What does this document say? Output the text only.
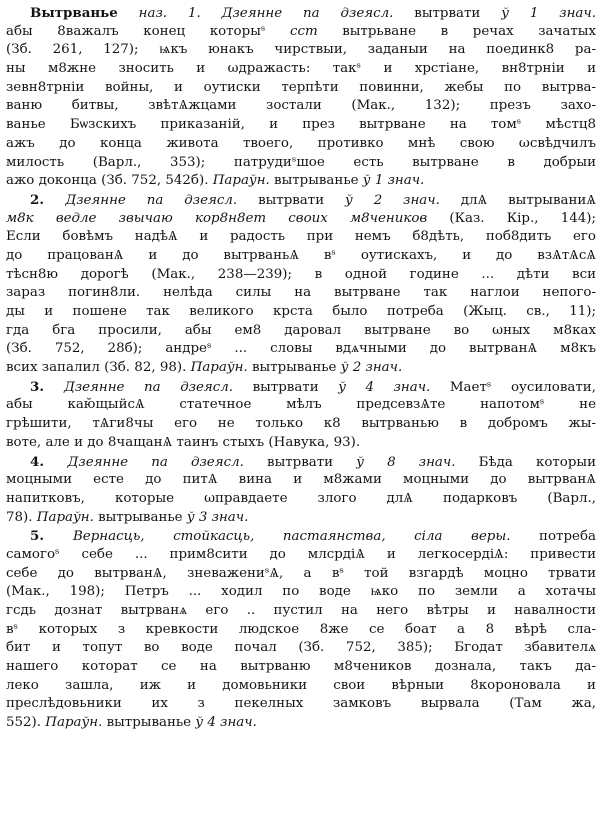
Вытрванье наз. 1. Дзеянне па дзеясл. вытрвати ў 1 знач.
абы 8важалъ конец которыˢ сст вытрьване в речах зачатых
(Зб. 261, 127); ѩкъ юнакъ чирствыи, заданыи на поединк8 ра-
ны м8жне зносить и ωдражасть: такˢ и хрстіане, вн8трніи и
зевн8трніи войны, и оутиски терпѣти повинни, жебы по вытрва-
ваню битвы, звѣтѦжцами зостали (Мак., 132); презъ захо-
ванье Бѡзскихъ приказаній, и през вытрване на томˢ мѣстц8
ажъ до конца живота твоего, противко мнѣ свою ωсвѣдчилъ
милость (Варл., 353); патрудиˢшое есть вытрване в добрыи
ажо доконца (Зб. 752, 542б). Параўн. вытрыванье ў 1 знач.
2. Дзеянне па дзеясл. вытрвати ў 2 знач. длѦ вытрываниѦ
м8к ведле звычаю кор8н8ет своих м8чеников (Каз. Кір., 144);
Если бовѣмъ надѣѦ и радость при немъ б8дѣть, поб8дить его
до працованѦ и до вытрваньѦ вˢ оутискахъ, и до взѦтѦсѦ
тѣсн8ю дорогѣ (Мак., 238—239); в одной године ... дѣти вси
зараз погин8ли. нелѣда силы на вытрване так наглои непого-
ды и пошене так великого крста было потреба (Жыц. св., 11);
гда бга просили, абы ем8 даровал вытрване во ωных м8ках
(Зб. 752, 28б); андреˢ ... словы вдѧчными до вытрванѦ м8къ
всих запалил (Зб. 82, 98). Параўн. вытрываньe ў 2 знач.
3. Дзеянне па дзеясл. вытрвати ў 4 знач. Маетˢ оусиловати,
абы каю̆щыйсѦ статечное мѣлъ предсевзѦте напотомˢ не
грѣшити, тѦги8чы его не только к8 вытрванью в добромъ жы-
воте, але и до 8чащанѦ таинъ стыхъ (Навука, 93).
4. Дзеянне па дзеясл. вытрвати ў 8 знач. Бѣда которыи
моцными естe до питѦ вина и м8жами моцными до вытрванѦ
напитковъ, которые ωправдаете злого длѦ подарковъ (Варл.,
78). Параўн. вытрыванье ў 3 знач.
5. Вернасць, стойкасць, пастаянства, сіла веры. потреба
самогоˢ себе ... прим8сити до млсрдіѦ и легкосердіѦ: привести
себе до вытрванѦ, зневажениˢѦ, а вˢ той взгардѣ моцно трвати
(Мак., 198); Петръ ... ходил по воде ѩко по земли а хотачы
гсдь дознат вытрванѧ его .. пустил на него вѣтры и навалности
вˢ которых з кревкости людское 8же се боат а 8 вѣрѣ сла-
бит и топут во воде почал (Зб. 752, 385); Бгодат збавителѧ
нашего которат се на вытрваню м8чеников дознала, такъ да-
леко зашла, иж и домовьники свои вѣрныи 8короновала и
преслѣдовьники их з пекелных замковъ вырвала (Там жа,
552). Параўн. вытрыванье ў 4 знач.
